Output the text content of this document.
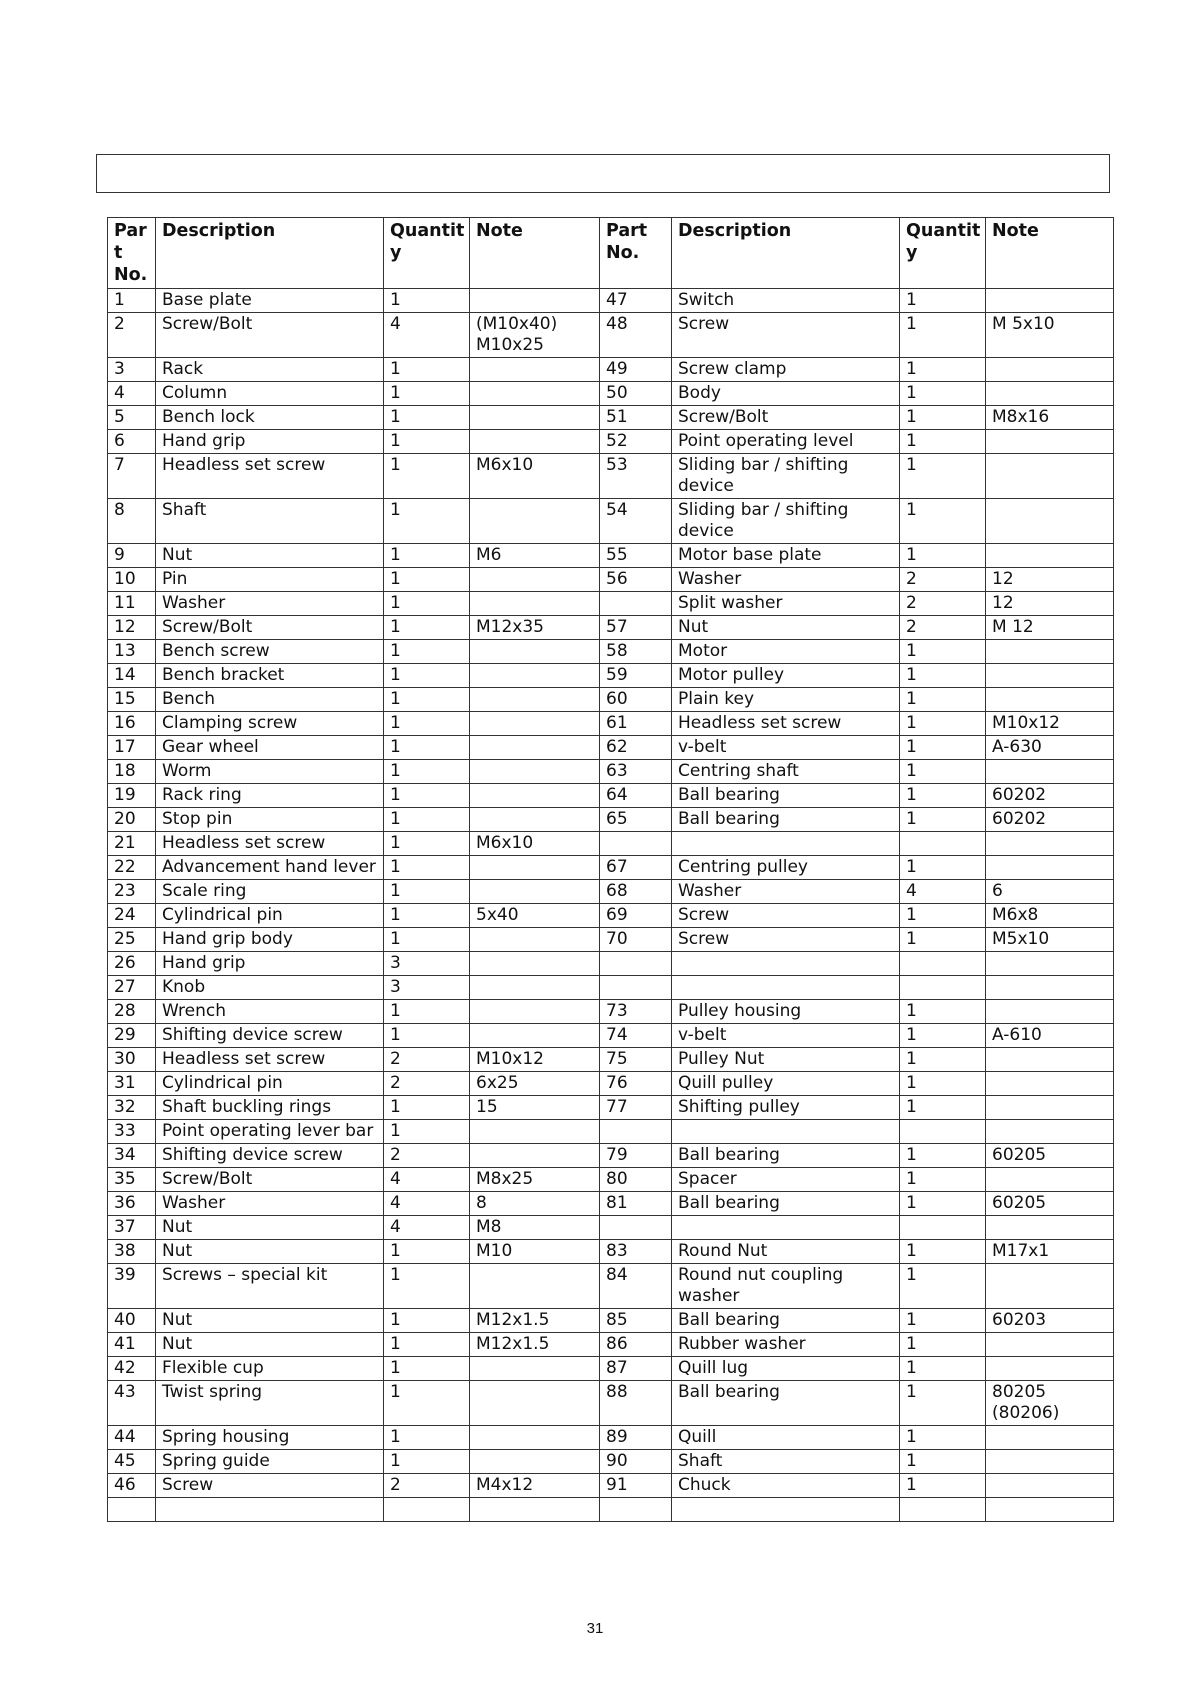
Par t No.	Description	Quantit y	Note	Part No.	Description	Quantit y	Note
1	Base plate	1		47	Switch	1	
2	Screw/Bolt	4	(M10x40) M10x25	48	Screw	1	M 5x10
3	Rack	1		49	Screw clamp	1	
4	Column	1		50	Body	1	
5	Bench lock	1		51	Screw/Bolt	1	M8x16
6	Hand grip	1		52	Point operating level	1	
7	Headless set screw	1	M6x10	53	Sliding bar / shifting device	1	
8	Shaft	1		54	Sliding bar / shifting device	1	
9	Nut	1	M6	55	Motor base plate	1	
10	Pin	1		56	Washer	2	12
11	Washer	1			Split washer	2	12
12	Screw/Bolt	1	M12x35	57	Nut	2	M 12
13	Bench screw	1		58	Motor	1	
14	Bench bracket	1		59	Motor pulley	1	
15	Bench	1		60	Plain key	1	
16	Clamping screw	1		61	Headless set screw	1	M10x12
17	Gear wheel	1		62	v-belt	1	A-630
18	Worm	1		63	Centring shaft	1	
19	Rack ring	1		64	Ball bearing	1	60202
20	Stop pin	1		65	Ball bearing	1	60202
21	Headless set screw	1	M6x10				
22	Advancement hand lever	1		67	Centring pulley	1	
23	Scale ring	1		68	Washer	4	6
24	Cylindrical pin	1	5x40	69	Screw	1	M6x8
25	Hand grip body	1		70	Screw	1	M5x10
26	Hand grip	3					
27	Knob	3					
28	Wrench	1		73	Pulley housing	1	
29	Shifting device screw	1		74	v-belt	1	A-610
30	Headless set screw	2	M10x12	75	Pulley Nut	1	
31	Cylindrical pin	2	6x25	76	Quill pulley	1	
32	Shaft buckling rings	1	15	77	Shifting pulley	1	
33	Point operating lever bar	1					
34	Shifting device screw	2		79	Ball bearing	1	60205
35	Screw/Bolt	4	M8x25	80	Spacer	1	
36	Washer	4	8	81	Ball bearing	1	60205
37	Nut	4	M8				
38	Nut	1	M10	83	Round Nut	1	M17x1
39	Screws – special kit	1		84	Round nut coupling washer	1	
40	Nut	1	M12x1.5	85	Ball bearing	1	60203
41	Nut	1	M12x1.5	86	Rubber washer	1	
42	Flexible cup	1		87	Quill lug	1	
43	Twist spring	1		88	Ball bearing	1	80205 (80206)
44	Spring housing	1		89	Quill	1	
45	Spring guide	1		90	Shaft	1	
46	Screw	2	M4x12	91	Chuck	1	

31
